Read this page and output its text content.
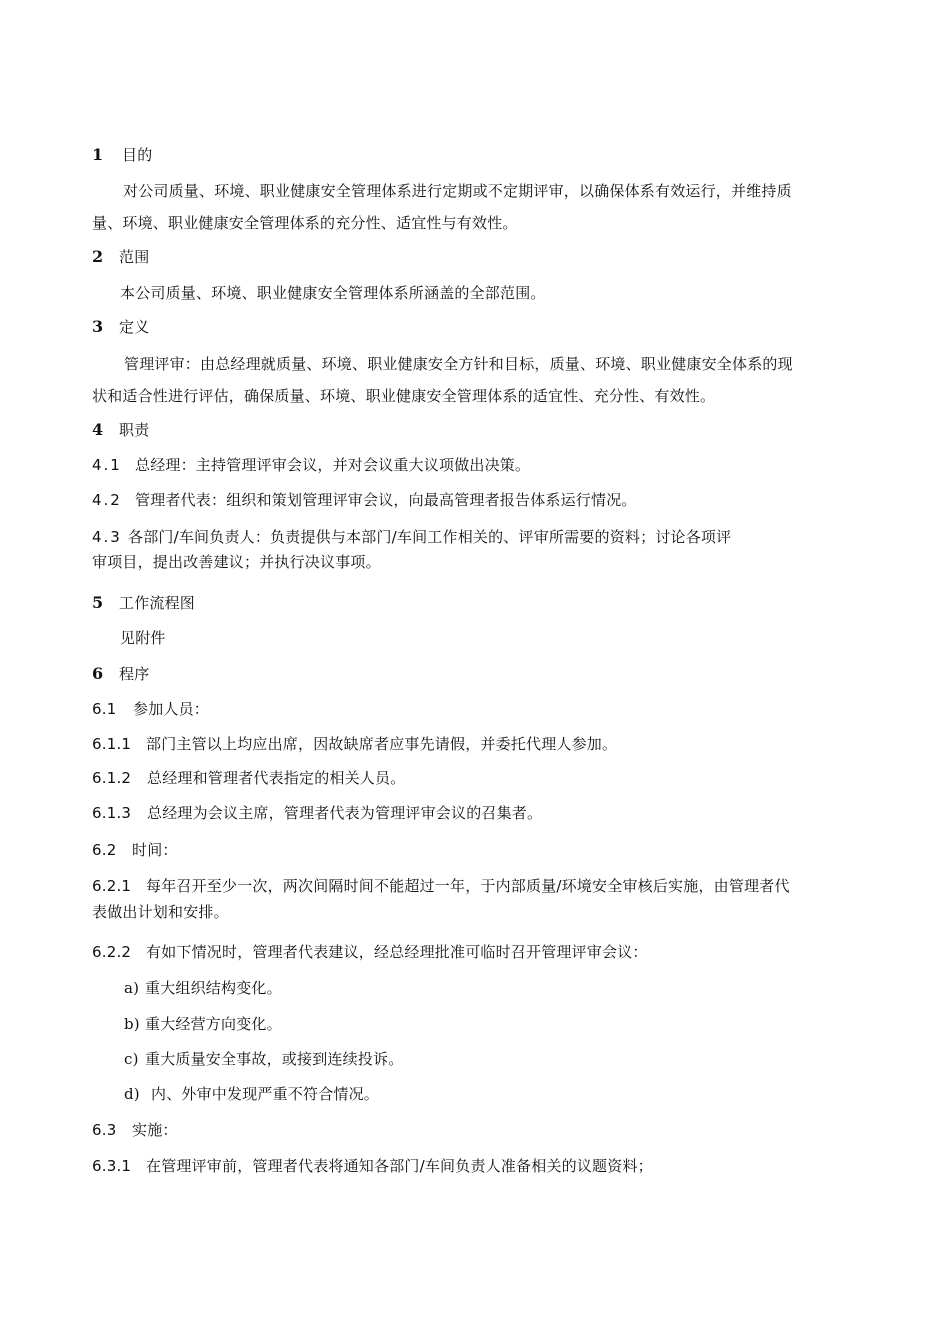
1 目的
对公司质量、环境、职业健康安全管理体系进行定期或不定期评审，以确保体系有效运行，并维持质
量、环境、职业健康安全管理体系的充分性、适宜性与有效性。
2 范围
本公司质量、环境、职业健康安全管理体系所涵盖的全部范围。
3 定义
管理评审：由总经理就质量、环境、职业健康安全方针和目标，质量、环境、职业健康安全体系的现
状和适合性进行评估，确保质量、环境、职业健康安全管理体系的适宜性、充分性、有效性。
4 职责
4.1 总经理：主持管理评审会议，并对会议重大议项做出决策。
4.2 管理者代表：组织和策划管理评审会议，向最高管理者报告体系运行情况。
4.3 各部门/车间负责人：负责提供与本部门/车间工作相关的、评审所需要的资料；讨论各项评
审项目，提出改善建议；并执行决议事项。
5 工作流程图
见附件
6 程序
6.1 参加人员：
6.1.1 部门主管以上均应出席，因故缺席者应事先请假，并委托代理人参加。
6.1.2 总经理和管理者代表指定的相关人员。
6.1.3 总经理为会议主席，管理者代表为管理评审会议的召集者。
6.2 时间：
6.2.1 每年召开至少一次，两次间隔时间不能超过一年，于内部质量/环境安全审核后实施，由管理者代
表做出计划和安排。
6.2.2 有如下情况时，管理者代表建议，经总经理批准可临时召开管理评审会议：
a) 重大组织结构变化。
b) 重大经营方向变化。
c) 重大质量安全事故，或接到连续投诉。
d) 内、外审中发现严重不符合情况。
6.3 实施：
6.3.1 在管理评审前，管理者代表将通知各部门/车间负责人准备相关的议题资料；
